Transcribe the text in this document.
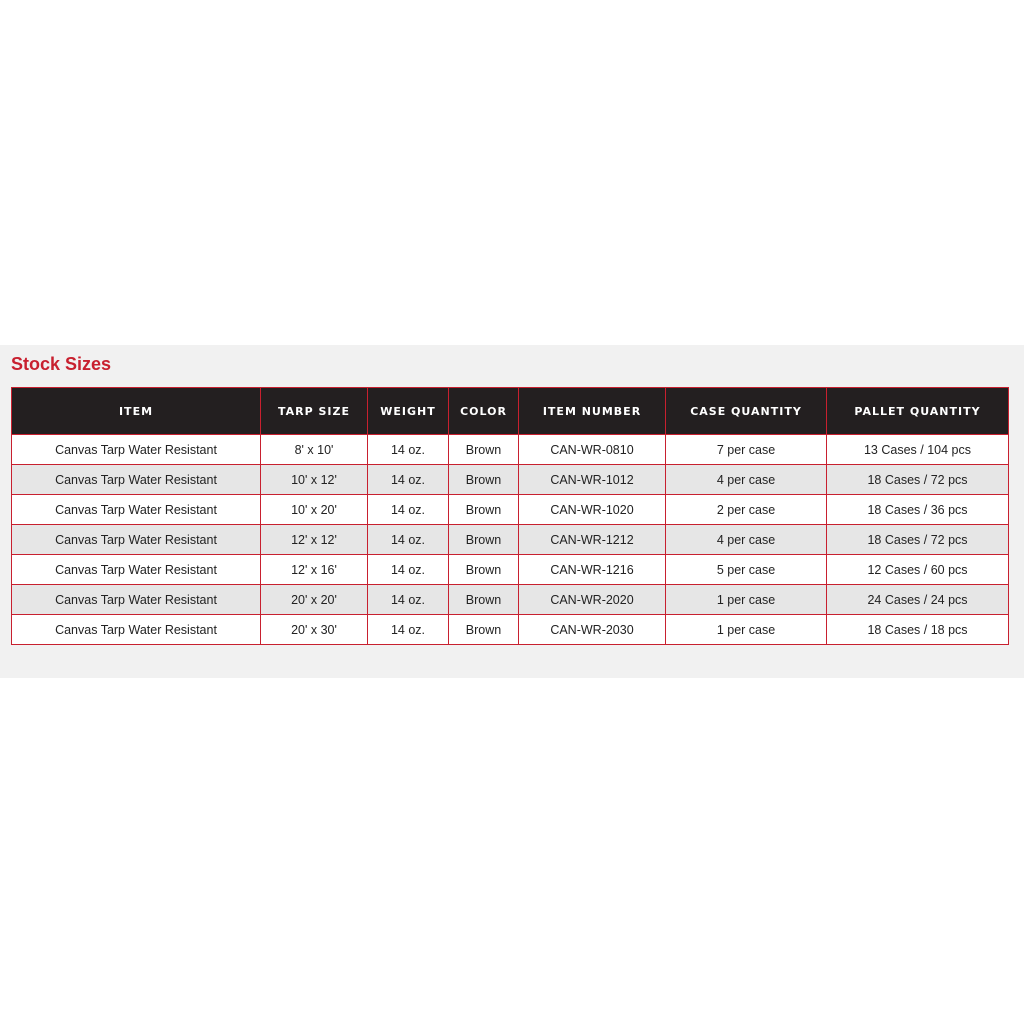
Stock Sizes
ITEM	TARP SIZE	WEIGHT	COLOR	ITEM NUMBER	CASE QUANTITY	PALLET QUANTITY
Canvas Tarp Water Resistant	8' x 10'	14 oz.	Brown	CAN-WR-0810	7 per case	13 Cases / 104 pcs
Canvas Tarp Water Resistant	10' x 12'	14 oz.	Brown	CAN-WR-1012	4 per case	18 Cases / 72 pcs
Canvas Tarp Water Resistant	10' x 20'	14 oz.	Brown	CAN-WR-1020	2 per case	18 Cases / 36 pcs
Canvas Tarp Water Resistant	12' x 12'	14 oz.	Brown	CAN-WR-1212	4 per case	18 Cases / 72 pcs
Canvas Tarp Water Resistant	12' x 16'	14 oz.	Brown	CAN-WR-1216	5 per case	12 Cases / 60 pcs
Canvas Tarp Water Resistant	20' x 20'	14 oz.	Brown	CAN-WR-2020	1 per case	24 Cases / 24 pcs
Canvas Tarp Water Resistant	20' x 30'	14 oz.	Brown	CAN-WR-2030	1 per case	18 Cases / 18 pcs
